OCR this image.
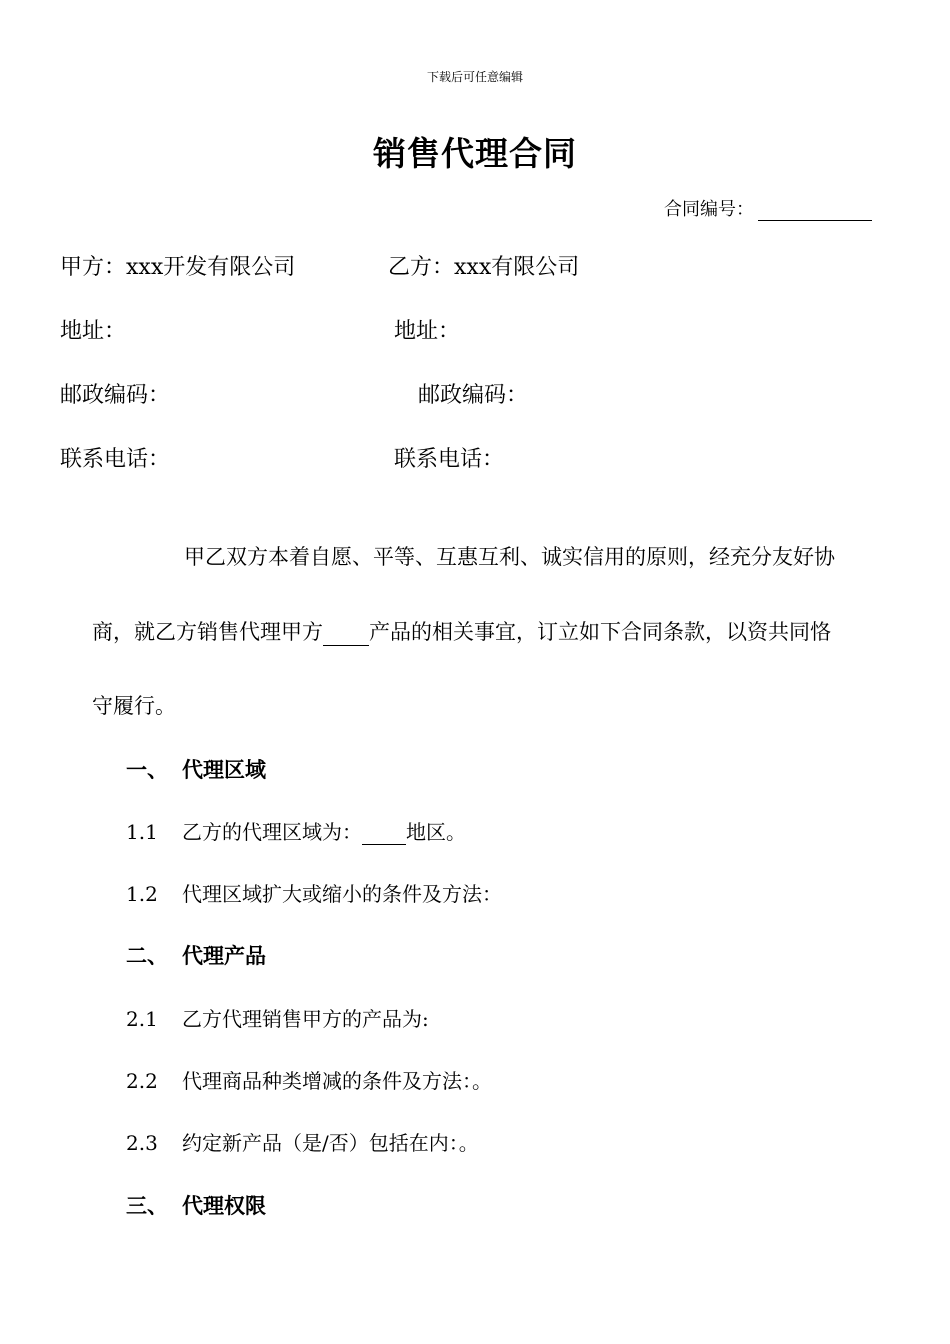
下载后可任意编辑
销售代理合同
合同编号：
甲方：xxx开发有限公司
地址：
邮政编码：
联系电话：
乙方：xxx有限公司
地址：
邮政编码：
联系电话：
甲乙双方本着自愿、平等、互惠互利、诚实信用的原则，经充分友好协
商，就乙方销售代理甲方 产品的相关事宜，订立如下合同条款，以资共同恪
守履行。
一、 代理区域
1.1 乙方的代理区域为： 地区。
1.2 代理区域扩大或缩小的条件及方法：
二、 代理产品
2.1 乙方代理销售甲方的产品为:
2.2 代理商品种类增减的条件及方法：。
2.3 约定新产品（是/否）包括在内：。
三、 代理权限
